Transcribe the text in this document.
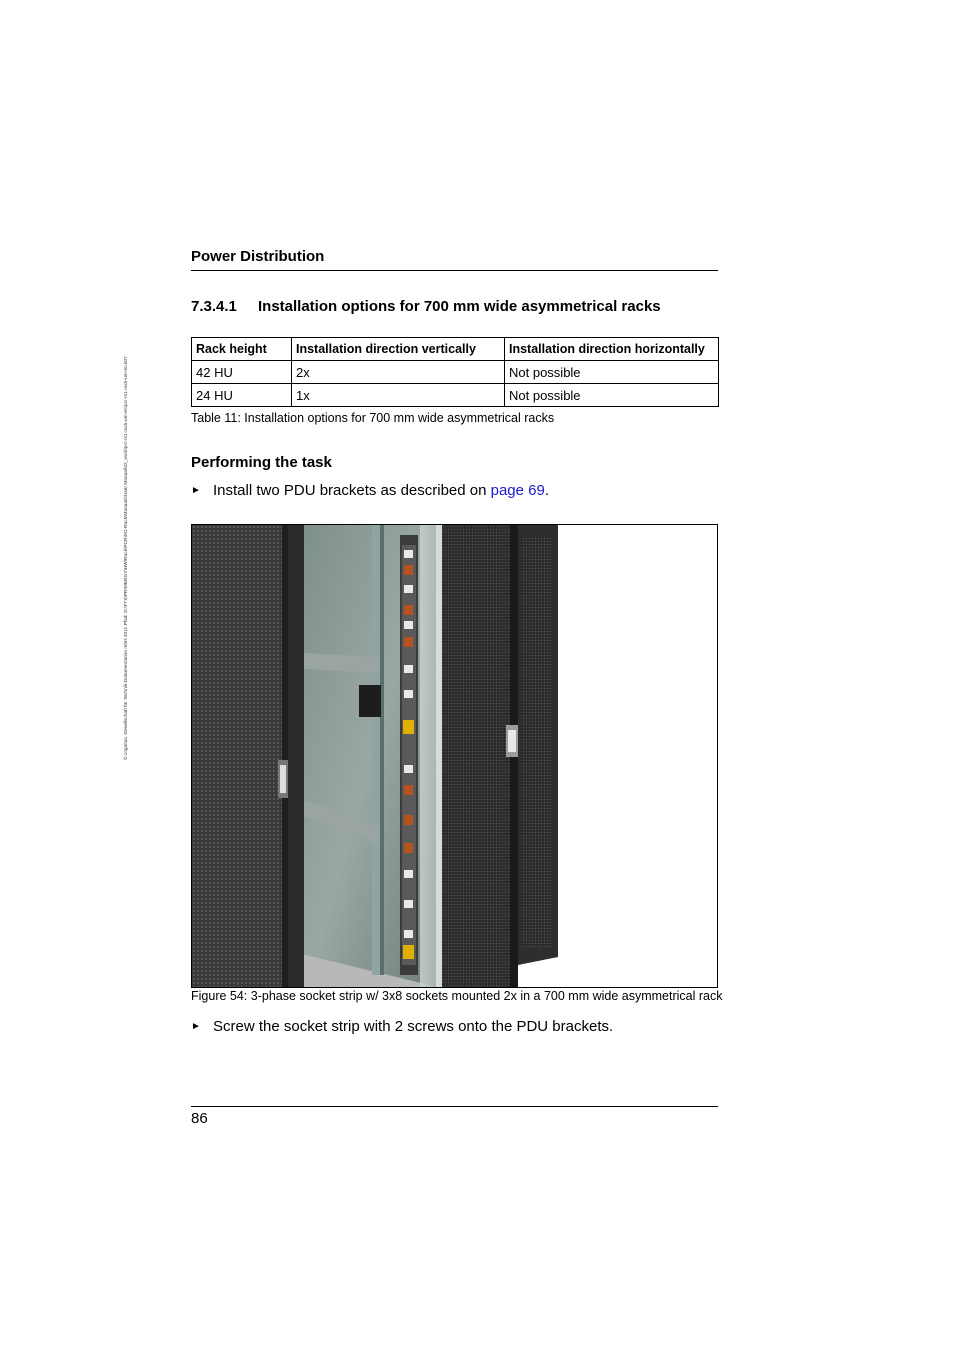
© cognitas. Gesellschaft für Technik-Dokumentation mbH 2011 Pfad: G:\FTS\PRIMERGY\HW\Rack\PCR\M1-Rack\Manuals\User Manual\02_work\pcr-m1-rack-um-en\pcr-m1-rack-um-en.k07
Power Distribution
7.3.4.1 Installation options for 700 mm wide asymmetrical racks
Rack height	Installation direction vertically	Installation direction horizontally
42 HU	2x	Not possible
24 HU	1x	Not possible
Table 11: Installation options for 700 mm wide asymmetrical racks
Performing the task
► Install two PDU brackets as described on page 69.
Figure 54: 3-phase socket strip w/ 3x8 sockets mounted 2x in a 700 mm wide asymmetrical rack
► Screw the socket strip with 2 screws onto the PDU brackets.
86
